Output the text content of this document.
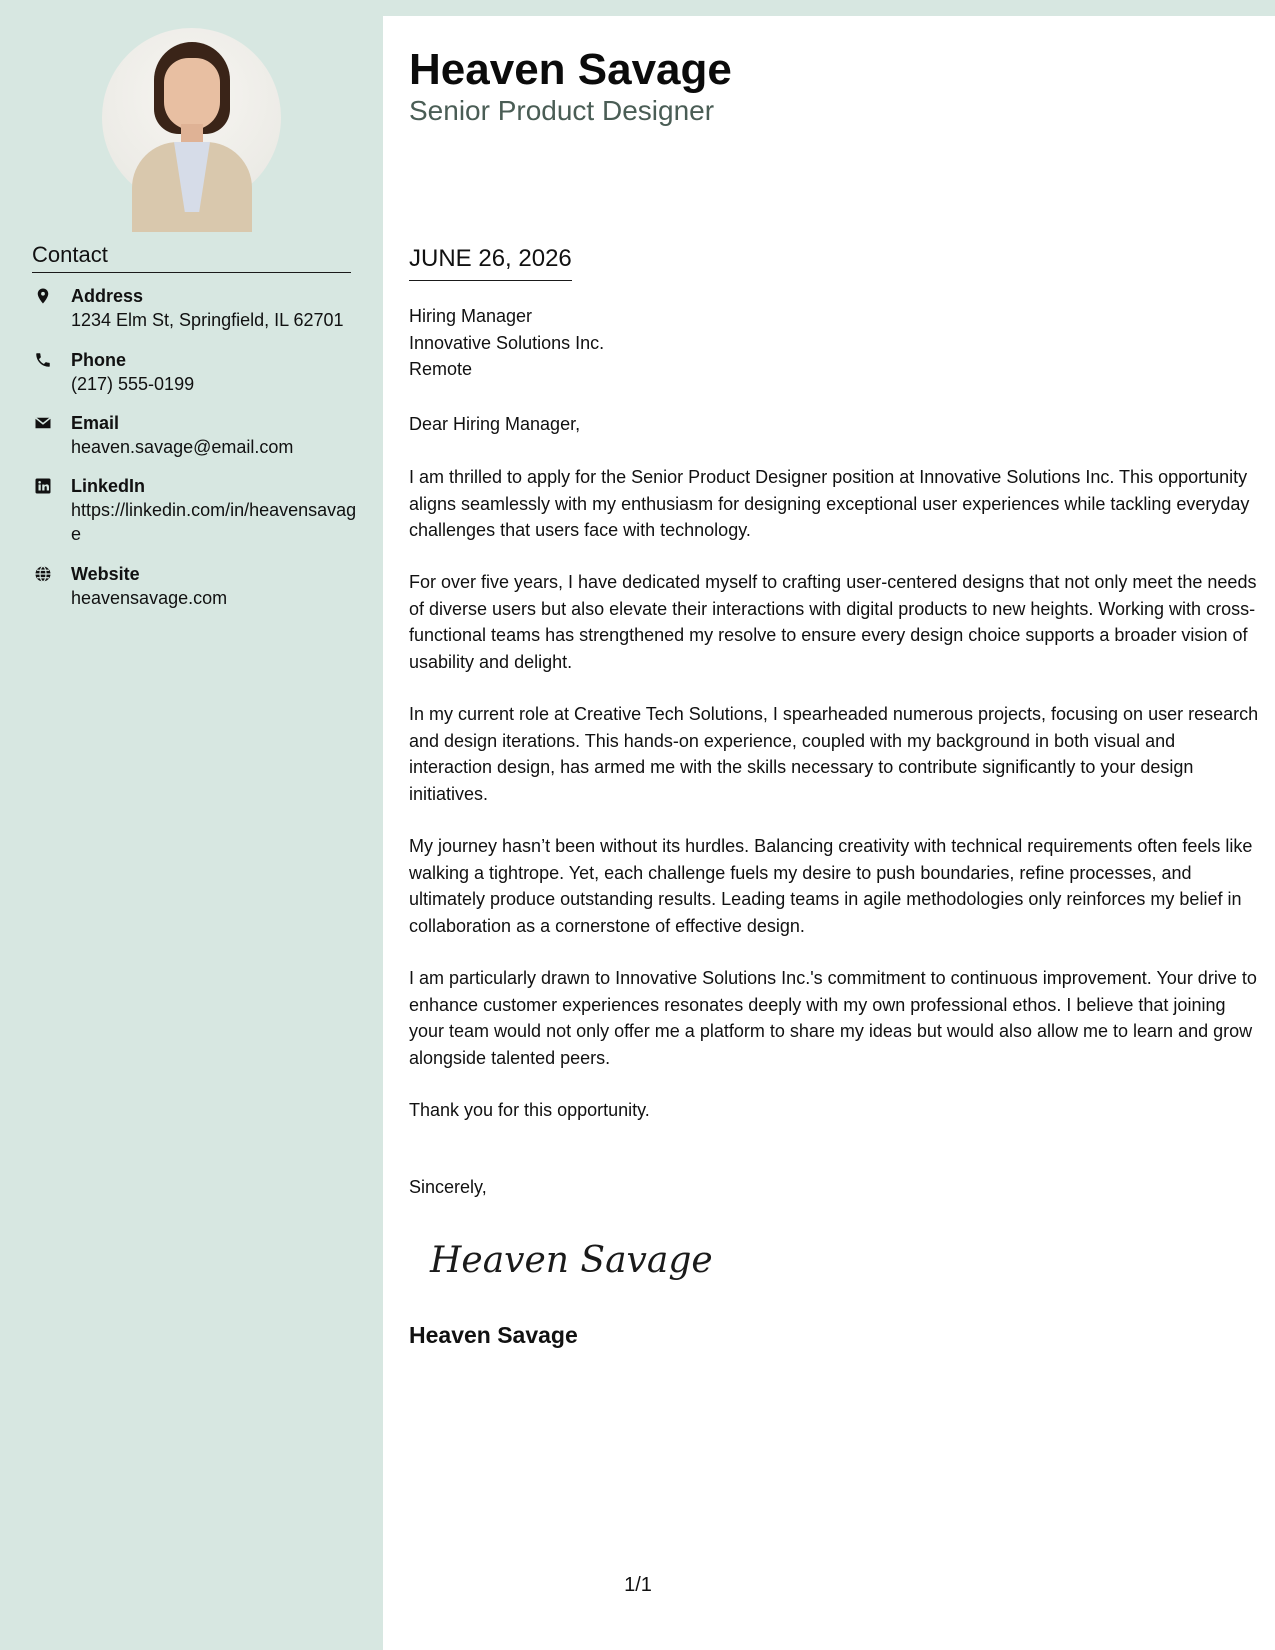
Contact
Address
1234 Elm St, Springfield, IL 62701
Phone
(217) 555-0199
Email
heaven.savage@email.com
LinkedIn
https://linkedin.com/in/heavensavage
Website
heavensavage.com
Heaven Savage
Senior Product Designer
JUNE 26, 2026
Hiring Manager
Innovative Solutions Inc.
Remote
Dear Hiring Manager,
I am thrilled to apply for the Senior Product Designer position at Innovative Solutions Inc. This opportunity aligns seamlessly with my enthusiasm for designing exceptional user experiences while tackling everyday challenges that users face with technology.
For over five years, I have dedicated myself to crafting user-centered designs that not only meet the needs of diverse users but also elevate their interactions with digital products to new heights. Working with cross-functional teams has strengthened my resolve to ensure every design choice supports a broader vision of usability and delight.
In my current role at Creative Tech Solutions, I spearheaded numerous projects, focusing on user research and design iterations. This hands-on experience, coupled with my background in both visual and interaction design, has armed me with the skills necessary to contribute significantly to your design initiatives.
My journey hasn’t been without its hurdles. Balancing creativity with technical requirements often feels like walking a tightrope. Yet, each challenge fuels my desire to push boundaries, refine processes, and ultimately produce outstanding results. Leading teams in agile methodologies only reinforces my belief in collaboration as a cornerstone of effective design.
I am particularly drawn to Innovative Solutions Inc.'s commitment to continuous improvement. Your drive to enhance customer experiences resonates deeply with my own professional ethos. I believe that joining your team would not only offer me a platform to share my ideas but would also allow me to learn and grow alongside talented peers.
Thank you for this opportunity.
Sincerely,
Heaven Savage
Heaven Savage
1/1
